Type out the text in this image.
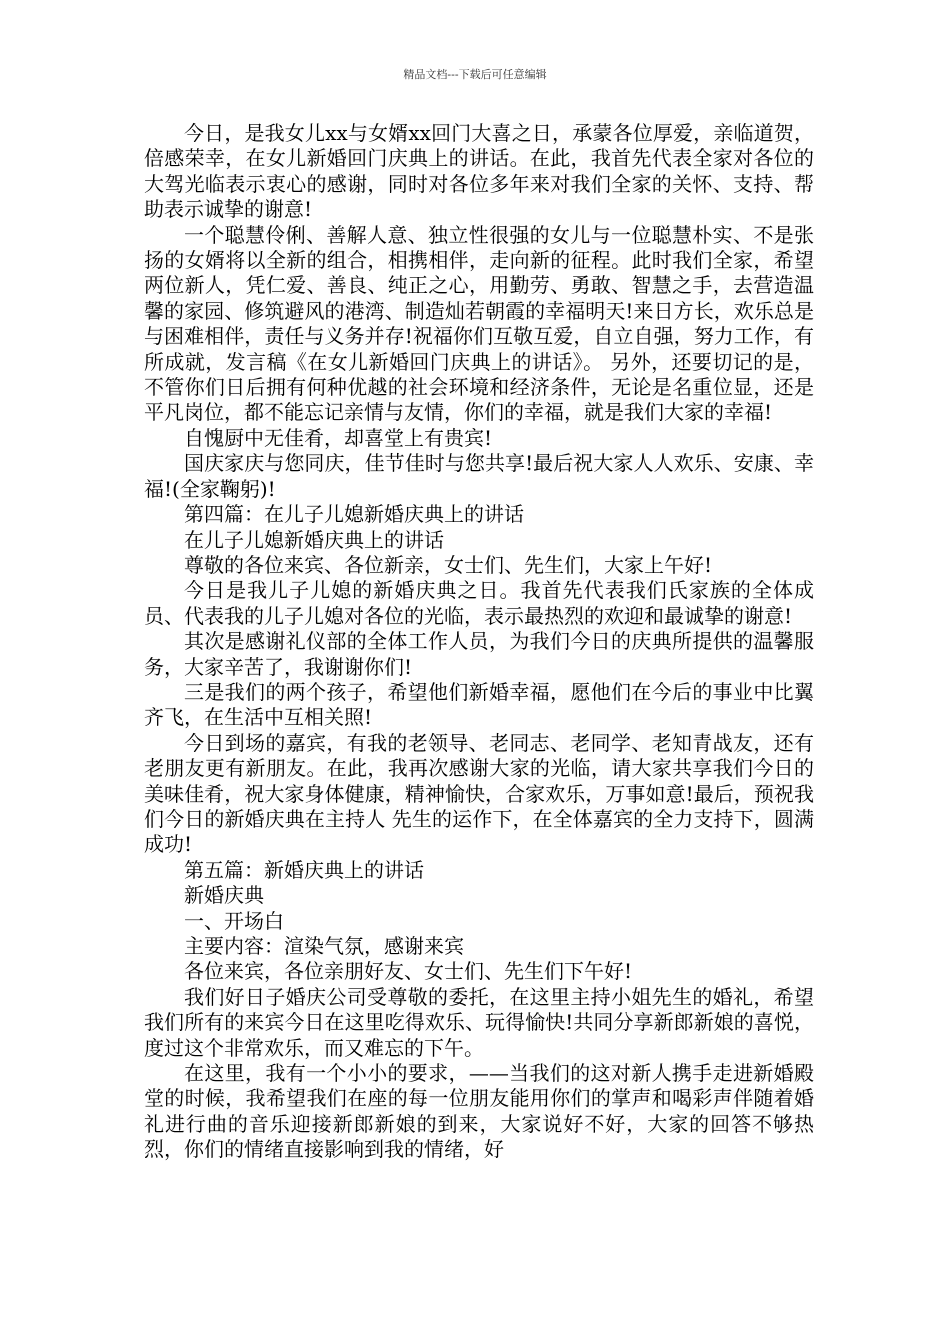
精品文档---下载后可任意编辑

今日，是我女儿xx与女婿xx回门大喜之日，承蒙各位厚爱，亲临道贺，倍感荣幸，在女儿新婚回门庆典上的讲话。在此，我首先代表全家对各位的大驾光临表示衷心的感谢，同时对各位多年来对我们全家的关怀、支持、帮助表示诚挚的谢意!

一个聪慧伶俐、善解人意、独立性很强的女儿与一位聪慧朴实、不是张扬的女婿将以全新的组合，相携相伴，走向新的征程。此时我们全家，希望两位新人，凭仁爱、善良、纯正之心，用勤劳、勇敢、智慧之手，去营造温馨的家园、修筑避风的港湾、制造灿若朝霞的幸福明天!来日方长，欢乐总是与困难相伴，责任与义务并存!祝福你们互敬互爱，自立自强，努力工作，有所成就，发言稿《在女儿新婚回门庆典上的讲话》。 另外，还要切记的是，不管你们日后拥有何种优越的社会环境和经济条件，无论是名重位显，还是平凡岗位，都不能忘记亲情与友情，你们的幸福，就是我们大家的幸福!

自愧厨中无佳肴，却喜堂上有贵宾!

国庆家庆与您同庆，佳节佳时与您共享!最后祝大家人人欢乐、安康、幸福!(全家鞠躬)!

第四篇：在儿子儿媳新婚庆典上的讲话

在儿子儿媳新婚庆典上的讲话

尊敬的各位来宾、各位新亲，女士们、先生们，大家上午好!

今日是我儿子儿媳的新婚庆典之日。我首先代表我们氏家族的全体成员、代表我的儿子儿媳对各位的光临，表示最热烈的欢迎和最诚挚的谢意!

其次是感谢礼仪部的全体工作人员，为我们今日的庆典所提供的温馨服务，大家辛苦了，我谢谢你们!

三是我们的两个孩子，希望他们新婚幸福，愿他们在今后的事业中比翼齐飞，在生活中互相关照!

今日到场的嘉宾，有我的老领导、老同志、老同学、老知青战友，还有老朋友更有新朋友。在此，我再次感谢大家的光临，请大家共享我们今日的美味佳肴，祝大家身体健康，精神愉快，合家欢乐，万事如意!最后，预祝我们今日的新婚庆典在主持人 先生的运作下，在全体嘉宾的全力支持下，圆满成功!

第五篇：新婚庆典上的讲话

新婚庆典

一、开场白

主要内容：渲染气氛，感谢来宾

各位来宾，各位亲朋好友、女士们、先生们下午好!

我们好日子婚庆公司受尊敬的委托，在这里主持小姐先生的婚礼，希望我们所有的来宾今日在这里吃得欢乐、玩得愉快!共同分享新郎新娘的喜悦，度过这个非常欢乐，而又难忘的下午。

在这里，我有一个小小的要求，——当我们的这对新人携手走进新婚殿堂的时候，我希望我们在座的每一位朋友能用你们的掌声和喝彩声伴随着婚礼进行曲的音乐迎接新郎新娘的到来，大家说好不好，大家的回答不够热烈，你们的情绪直接影响到我的情绪，好
